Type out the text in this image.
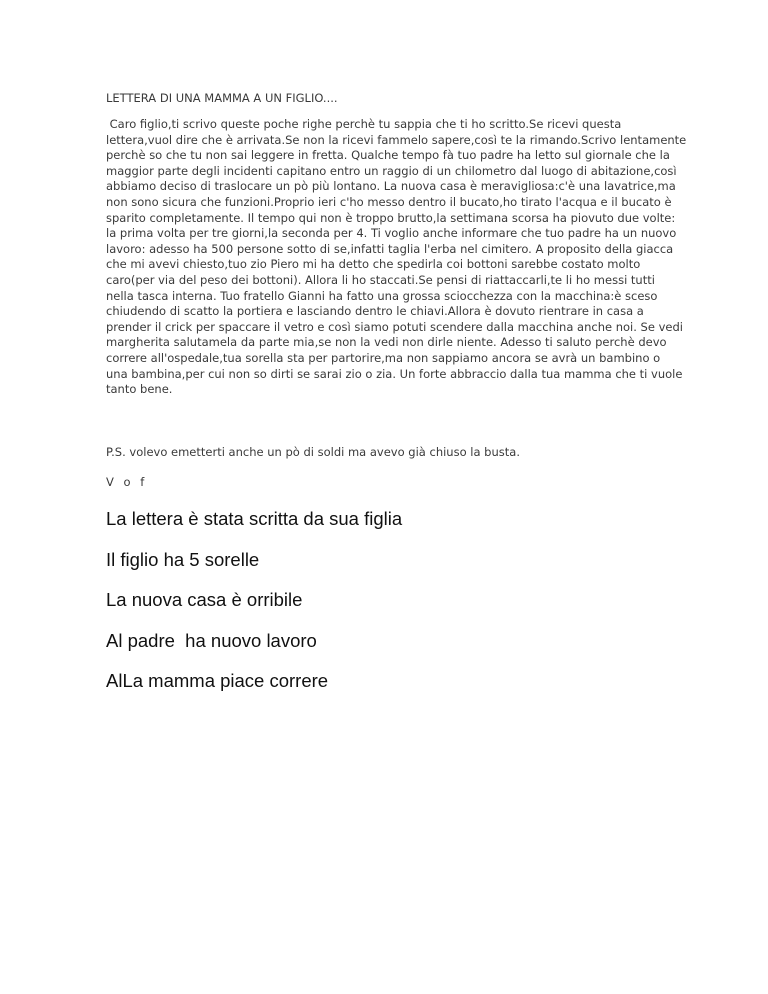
LETTERA DI UNA MAMMA A UN FIGLIO....
Caro figlio,ti scrivo queste poche righe perchè tu sappia che ti ho scritto.Se ricevi questa
lettera,vuol dire che è arrivata.Se non la ricevi fammelo sapere,così te la rimando.Scrivo lentamente
perchè so che tu non sai leggere in fretta. Qualche tempo fà tuo padre ha letto sul giornale che la
maggior parte degli incidenti capitano entro un raggio di un chilometro dal luogo di abitazione,così
abbiamo deciso di traslocare un pò più lontano. La nuova casa è meravigliosa:c'è una lavatrice,ma
non sono sicura che funzioni.Proprio ieri c'ho messo dentro il bucato,ho tirato l'acqua e il bucato è
sparito completamente. Il tempo qui non è troppo brutto,la settimana scorsa ha piovuto due volte:
la prima volta per tre giorni,la seconda per 4. Ti voglio anche informare che tuo padre ha un nuovo
lavoro: adesso ha 500 persone sotto di se,infatti taglia l'erba nel cimitero. A proposito della giacca
che mi avevi chiesto,tuo zio Piero mi ha detto che spedirla coi bottoni sarebbe costato molto
caro(per via del peso dei bottoni). Allora li ho staccati.Se pensi di riattaccarli,te li ho messi tutti
nella tasca interna. Tuo fratello Gianni ha fatto una grossa sciocchezza con la macchina:è sceso
chiudendo di scatto la portiera e lasciando dentro le chiavi.Allora è dovuto rientrare in casa a
prender il crick per spaccare il vetro e così siamo potuti scendere dalla macchina anche noi. Se vedi
margherita salutamela da parte mia,se non la vedi non dirle niente. Adesso ti saluto perchè devo
correre all'ospedale,tua sorella sta per partorire,ma non sappiamo ancora se avrà un bambino o
una bambina,per cui non so dirti se sarai zio o zia. Un forte abbraccio dalla tua mamma che ti vuole
tanto bene.
P.S. volevo emetterti anche un pò di soldi ma avevo già chiuso la busta.
V o f
La lettera è stata scritta da sua figlia
Il figlio ha 5 sorelle
La nuova casa è orribile
Al padre  ha nuovo lavoro
AlLa mamma piace correre
